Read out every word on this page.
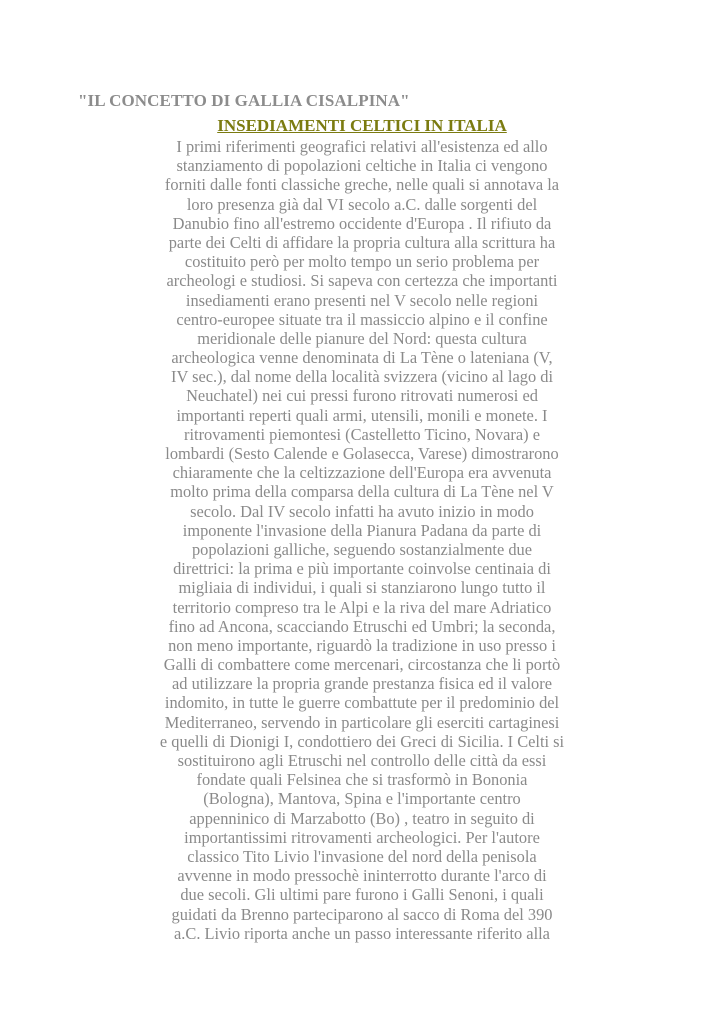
"IL CONCETTO DI GALLIA CISALPINA"
INSEDIAMENTI CELTICI IN ITALIA
I primi riferimenti geografici relativi all'esistenza ed allo
stanziamento di popolazioni celtiche in Italia ci vengono
forniti dalle fonti classiche greche, nelle quali si annotava la
loro presenza già dal VI secolo a.C. dalle sorgenti del
Danubio fino all'estremo occidente d'Europa . Il rifiuto da
parte dei Celti di affidare la propria cultura alla scrittura ha
costituito però per molto tempo un serio problema per
archeologi e studiosi. Si sapeva con certezza che importanti
insediamenti erano presenti nel V secolo nelle regioni
centro-europee situate tra il massiccio alpino e il confine
meridionale delle pianure del Nord: questa cultura
archeologica venne denominata di La Tène o lateniana (V,
IV sec.), dal nome della località svizzera (vicino al lago di
Neuchatel) nei cui pressi furono ritrovati numerosi ed
importanti reperti quali armi, utensili, monili e monete. I
ritrovamenti piemontesi (Castelletto Ticino, Novara) e
lombardi (Sesto Calende e Golasecca, Varese) dimostrarono
chiaramente che la celtizzazione dell'Europa era avvenuta
molto prima della comparsa della cultura di La Tène nel V
secolo. Dal IV secolo infatti ha avuto inizio in modo
imponente l'invasione della Pianura Padana da parte di
popolazioni galliche, seguendo sostanzialmente due
direttrici: la prima e più importante coinvolse centinaia di
migliaia di individui, i quali si stanziarono lungo tutto il
territorio compreso tra le Alpi e la riva del mare Adriatico
fino ad Ancona, scacciando Etruschi ed Umbri; la seconda,
non meno importante, riguardò la tradizione in uso presso i
Galli di combattere come mercenari, circostanza che li portò
ad utilizzare la propria grande prestanza fisica ed il valore
indomito, in tutte le guerre combattute per il predominio del
Mediterraneo, servendo in particolare gli eserciti cartaginesi
e quelli di Dionigi I, condottiero dei Greci di Sicilia. I Celti si
sostituirono agli Etruschi nel controllo delle città da essi
fondate quali Felsinea che si trasformò in Bononia
(Bologna), Mantova, Spina e l'importante centro
appenninico di Marzabotto (Bo) , teatro in seguito di
importantissimi ritrovamenti archeologici. Per l'autore
classico Tito Livio l'invasione del nord della penisola
avvenne in modo pressochè ininterrotto durante l'arco di
due secoli. Gli ultimi pare furono i Galli Senoni, i quali
guidati da Brenno parteciparono al sacco di Roma del 390
a.C. Livio riporta anche un passo interessante riferito alla
